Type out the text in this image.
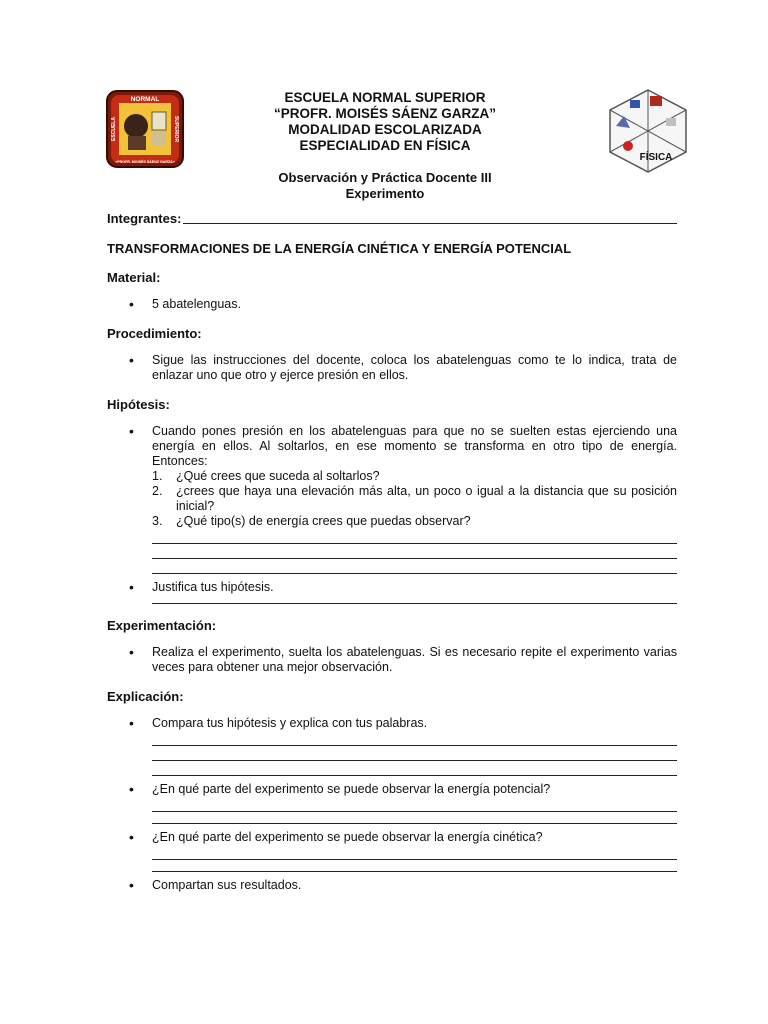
NORMAL
«PROFR. MOISÉS SÁENZ GARZA»
ESCUELA	SUPERIOR
FÍSICA

ESCUELA NORMAL SUPERIOR

“PROFR. MOISÉS SÁENZ GARZA”

MODALIDAD ESCOLARIZADA

ESPECIALIDAD EN FÍSICA

Observación y Práctica Docente III

Experimento

Integrantes:
TRANSFORMACIONES DE LA ENERGÍA CINÉTICA Y ENERGÍA POTENCIAL
Material:
• 5 abatelenguas.
Procedimiento:
• Sigue las instrucciones del docente, coloca los abatelenguas como te lo indica, trata de enlazar uno que otro y ejerce presión en ellos.
Hipótesis:
• Cuando pones presión en los abatelenguas para que no se suelten estas ejerciendo una energía en ellos. Al soltarlos, en ese momento se transforma en otro tipo de energía. Entonces:
1. ¿Qué crees que suceda al soltarlos?
2. ¿crees que haya una elevación más alta, un poco o igual a la distancia que su posición inicial?
3. ¿Qué tipo(s) de energía crees que puedas observar?
• Justifica tus hipótesis.
Experimentación:
• Realiza el experimento, suelta los abatelenguas. Si es necesario repite el experimento varias veces para obtener una mejor observación.
Explicación:
• Compara tus hipótesis y explica con tus palabras.
• ¿En qué parte del experimento se puede observar la energía potencial?
• ¿En qué parte del experimento se puede observar la energía cinética?
• Compartan sus resultados.
